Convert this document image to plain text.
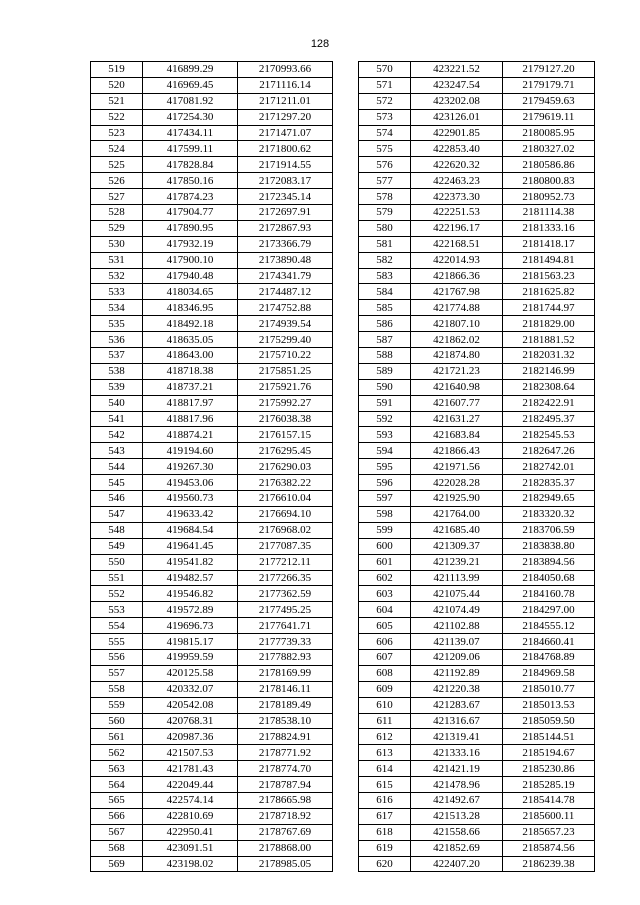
128
519	416899.29	2170993.66
520	416969.45	2171116.14
521	417081.92	2171211.01
522	417254.30	2171297.20
523	417434.11	2171471.07
524	417599.11	2171800.62
525	417828.84	2171914.55
526	417850.16	2172083.17
527	417874.23	2172345.14
528	417904.77	2172697.91
529	417890.95	2172867.93
530	417932.19	2173366.79
531	417900.10	2173890.48
532	417940.48	2174341.79
533	418034.65	2174487.12
534	418346.95	2174752.88
535	418492.18	2174939.54
536	418635.05	2175299.40
537	418643.00	2175710.22
538	418718.38	2175851.25
539	418737.21	2175921.76
540	418817.97	2175992.27
541	418817.96	2176038.38
542	418874.21	2176157.15
543	419194.60	2176295.45
544	419267.30	2176290.03
545	419453.06	2176382.22
546	419560.73	2176610.04
547	419633.42	2176694.10
548	419684.54	2176968.02
549	419641.45	2177087.35
550	419541.82	2177212.11
551	419482.57	2177266.35
552	419546.82	2177362.59
553	419572.89	2177495.25
554	419696.73	2177641.71
555	419815.17	2177739.33
556	419959.59	2177882.93
557	420125.58	2178169.99
558	420332.07	2178146.11
559	420542.08	2178189.49
560	420768.31	2178538.10
561	420987.36	2178824.91
562	421507.53	2178771.92
563	421781.43	2178774.70
564	422049.44	2178787.94
565	422574.14	2178665.98
566	422810.69	2178718.92
567	422950.41	2178767.69
568	423091.51	2178868.00
569	423198.02	2178985.05
570	423221.52	2179127.20
571	423247.54	2179179.71
572	423202.08	2179459.63
573	423126.01	2179619.11
574	422901.85	2180085.95
575	422853.40	2180327.02
576	422620.32	2180586.86
577	422463.23	2180800.83
578	422373.30	2180952.73
579	422251.53	2181114.38
580	422196.17	2181333.16
581	422168.51	2181418.17
582	422014.93	2181494.81
583	421866.36	2181563.23
584	421767.98	2181625.82
585	421774.88	2181744.97
586	421807.10	2181829.00
587	421862.02	2181881.52
588	421874.80	2182031.32
589	421721.23	2182146.99
590	421640.98	2182308.64
591	421607.77	2182422.91
592	421631.27	2182495.37
593	421683.84	2182545.53
594	421866.43	2182647.26
595	421971.56	2182742.01
596	422028.28	2182835.37
597	421925.90	2182949.65
598	421764.00	2183320.32
599	421685.40	2183706.59
600	421309.37	2183838.80
601	421239.21	2183894.56
602	421113.99	2184050.68
603	421075.44	2184160.78
604	421074.49	2184297.00
605	421102.88	2184555.12
606	421139.07	2184660.41
607	421209.06	2184768.89
608	421192.89	2184969.58
609	421220.38	2185010.77
610	421283.67	2185013.53
611	421316.67	2185059.50
612	421319.41	2185144.51
613	421333.16	2185194.67
614	421421.19	2185230.86
615	421478.96	2185285.19
616	421492.67	2185414.78
617	421513.28	2185600.11
618	421558.66	2185657.23
619	421852.69	2185874.56
620	422407.20	2186239.38
